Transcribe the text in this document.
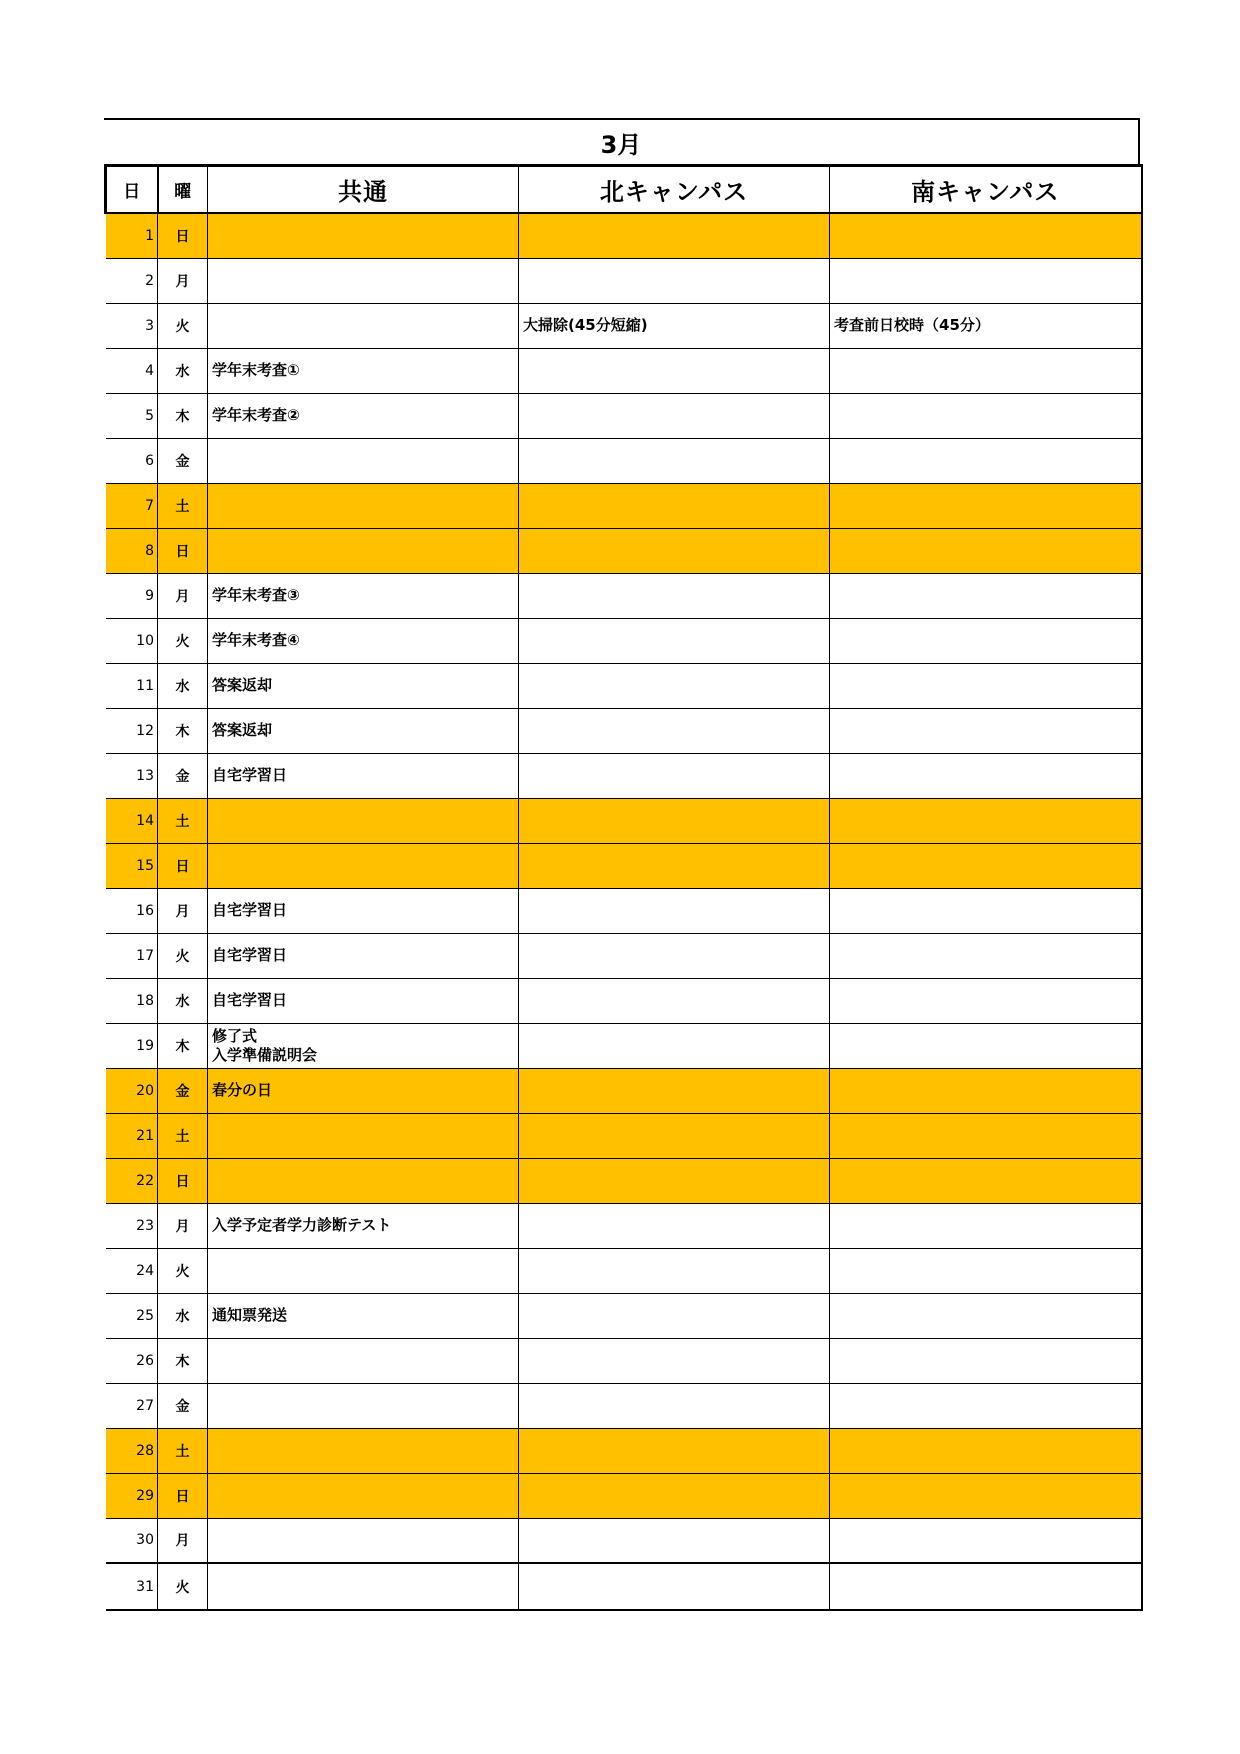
3月
日	曜	共通	北キャンパス	南キャンパス
1	日			
2	月			
3	火		大掃除(45分短縮)	考査前日校時（45分）
4	水	学年末考査①		

5	木	学年末考査②		

6	金			
7	土			
8	日			
9	月	学年末考査③		

10	火	学年末考査④		

11	水	答案返却		

12	木	答案返却		

13	金	自宅学習日		

14	土			
15	日			
16	月	自宅学習日		

17	火	自宅学習日		

18	水	自宅学習日		

19	木	修了式
入学準備説明会		

20	金	春分の日		

21	土			
22	日			
23	月	入学予定者学力診断テスト		

24	火			
25	水	通知票発送		

26	木			
27	金			
28	土			
29	日			
30	月			
31	火			
